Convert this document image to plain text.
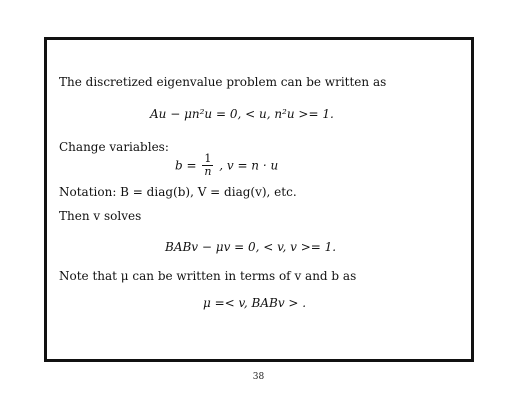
The discretized eigenvalue problem can be written as
Au − μn²u = 0, < u, n²u >= 1.
Change variables:
$b = \frac{1}{n}$ , v = n · u
Notation: B = diag(b), V = diag(v), etc.
Then v solves
BABv − μv = 0, < v, v >= 1.
Note that μ can be written in terms of v and b as
μ =< v, BABv > .
38
